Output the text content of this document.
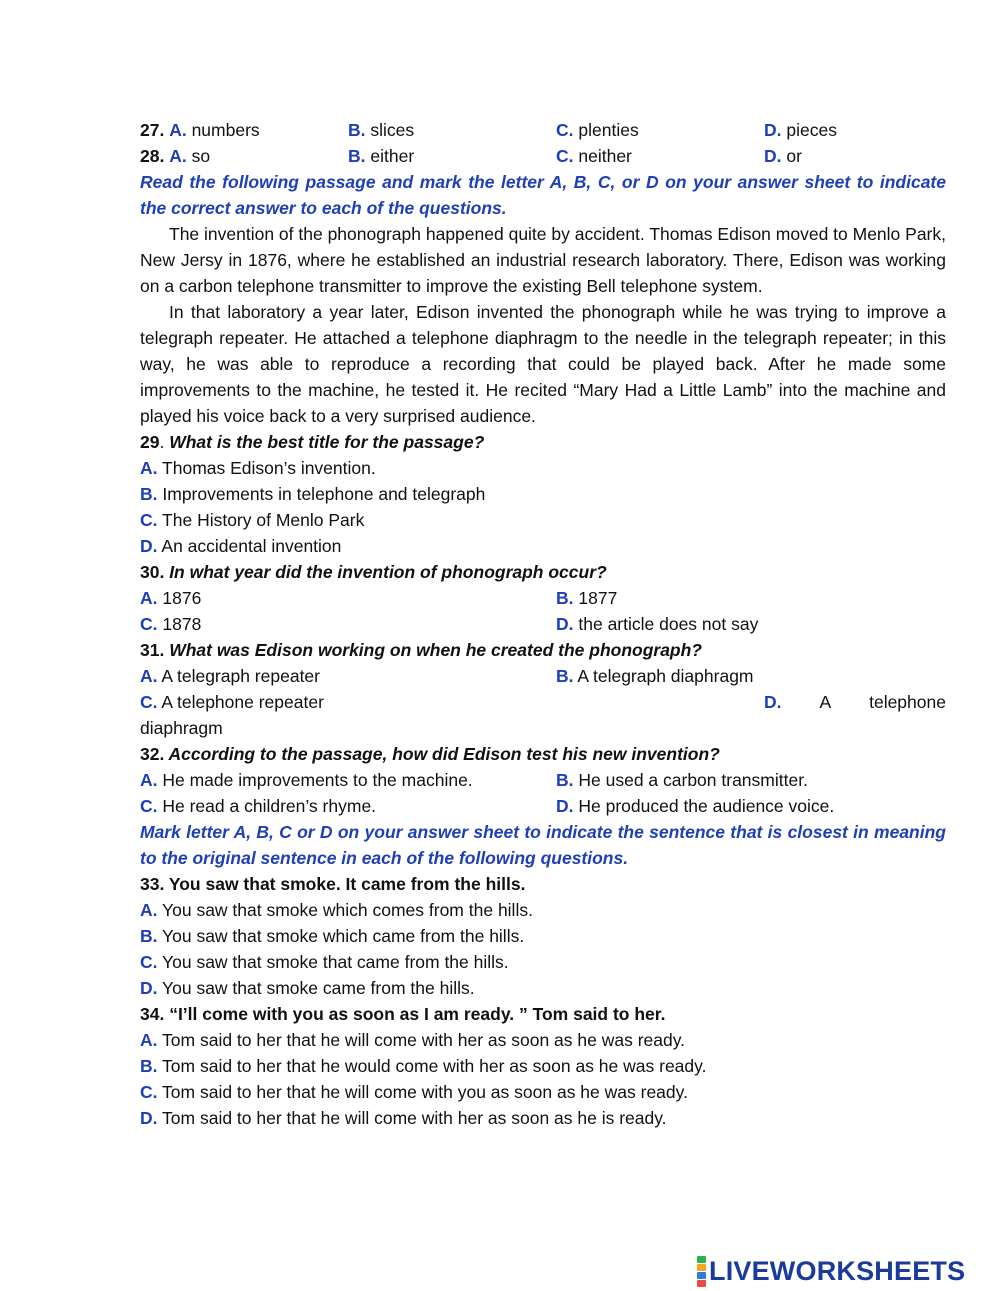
27. A. numbers	B. slices	C. plenties	D. pieces
28. A. so	B. either	C. neither	D. or
Read the following passage and mark the letter A, B, C, or D on your answer sheet to indicate the correct answer to each of the questions.
The invention of the phonograph happened quite by accident. Thomas Edison moved to Menlo Park, New Jersy in 1876, where he established an industrial research laboratory. There, Edison was working on a carbon telephone transmitter to improve the existing Bell telephone system.
In that laboratory a year later, Edison invented the phonograph while he was trying to improve a telegraph repeater. He attached a telephone diaphragm to the needle in the telegraph repeater; in this way, he was able to reproduce a recording that could be played back. After he made some improvements to the machine, he tested it. He recited “Mary Had a Little Lamb” into the machine and played his voice back to a very surprised audience.
29. What is the best title for the passage?
A. Thomas Edison’s invention.
B. Improvements in telephone and telegraph
C. The History of Menlo Park
D. An accidental invention
30. In what year did the invention of phonograph occur?
A. 1876	B. 1877
C. 1878	D. the article does not say
31. What was Edison working on when he created the phonograph?
A. A telegraph repeater	B. A telegraph diaphragm
C. A telephone repeater	D. A telephone
diaphragm
32. According to the passage, how did Edison test his new invention?
A. He made improvements to the machine.	B. He used a carbon transmitter.
C. He read a children’s rhyme.	D. He produced the audience voice.
Mark letter A, B, C or D on your answer sheet to indicate the sentence that is closest in meaning to the original sentence in each of the following questions.
33. You saw that smoke. It came from the hills.
A. You saw that smoke which comes from the hills.
B. You saw that smoke which came from the hills.
C. You saw that smoke that came from the hills.
D. You saw that smoke came from the hills.
34. “I’ll come with you as soon as I am ready. ” Tom said to her.
A. Tom said to her that he will come with her as soon as he was ready.
B. Tom said to her that he would come with her as soon as he was ready.
C. Tom said to her that he will come with you as soon as he was ready.
D. Tom said to her that he will come with her as soon as he is ready.
LIVEWORKSHEETS
